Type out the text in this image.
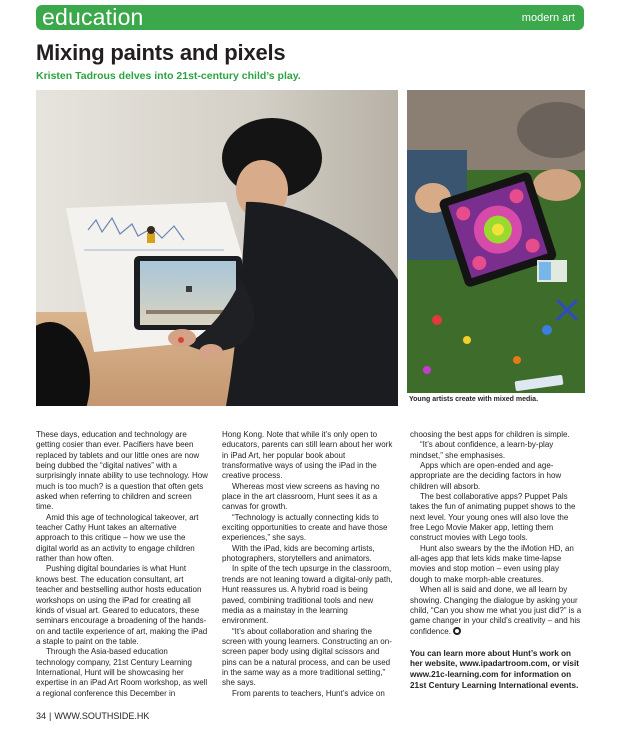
education	modern art
Mixing paints and pixels

Kristen Tadrous delves into 21st-century child’s play.

Young artists create with mixed media.

These days, education and technology are getting cosier than ever. Pacifiers have been replaced by tablets and our little ones are now being dubbed the “digital natives” with a surprisingly innate ability to use technology. How much is too much? is a question that often gets asked when referring to children and screen time.

Amid this age of technological takeover, art teacher Cathy Hunt takes an alternative approach to this critique – how we use the digital world as an activity to engage children rather than how often.

Pushing digital boundaries is what Hunt knows best. The education consultant, art teacher and bestselling author hosts education workshops on using the iPad for creating all kinds of visual art. Geared to educators, these seminars encourage a broadening of the hands-on and tactile experience of art, making the iPad a staple to paint on the table.

Through the Asia-based education technology company, 21st Century Learning International, Hunt will be showcasing her expertise in an iPad Art Room workshop, as well a regional conference this December in

Hong Kong. Note that while it’s only open to educators, parents can still learn about her work in iPad Art, her popular book about transformative ways of using the iPad in the creative process.

Whereas most view screens as having no place in the art classroom, Hunt sees it as a canvas for growth.

“Technology is actually connecting kids to exciting opportunities to create and have those experiences,” she says.

With the iPad, kids are becoming artists, photographers, storytellers and animators.

In spite of the tech upsurge in the classroom, trends are not leaning toward a digital-only path, Hunt reassures us. A hybrid road is being paved, combining traditional tools and new media as a mainstay in the learning environment.

“It’s about collaboration and sharing the screen with young learners. Constructing an on-screen paper body using digital scissors and pins can be a natural process, and can be used in the same way as a more traditional setting,” she says.

From parents to teachers, Hunt’s advice on

choosing the best apps for children is simple.

“It’s about confidence, a learn-by-play mindset,” she emphasises.

Apps which are open-ended and age-appropriate are the deciding factors in how children will absorb.

The best collaborative apps? Puppet Pals takes the fun of animating puppet shows to the next level. Your young ones will also love the free Lego Movie Maker app, letting them construct movies with Lego tools.

Hunt also swears by the the iMotion HD, an all-ages app that lets kids make time-lapse movies and stop motion – even using play dough to make morph-able creatures.

When all is said and done, we all learn by showing. Changing the dialogue by asking your child, “Can you show me what you just did?” is a game changer in your child’s creativity – and his confidence.

You can learn more about Hunt’s work on her website, www.ipadartroom.com, or visit www.21c-learning.com for information on 21st Century Learning International events.

34 | WWW.SOUTHSIDE.HK
